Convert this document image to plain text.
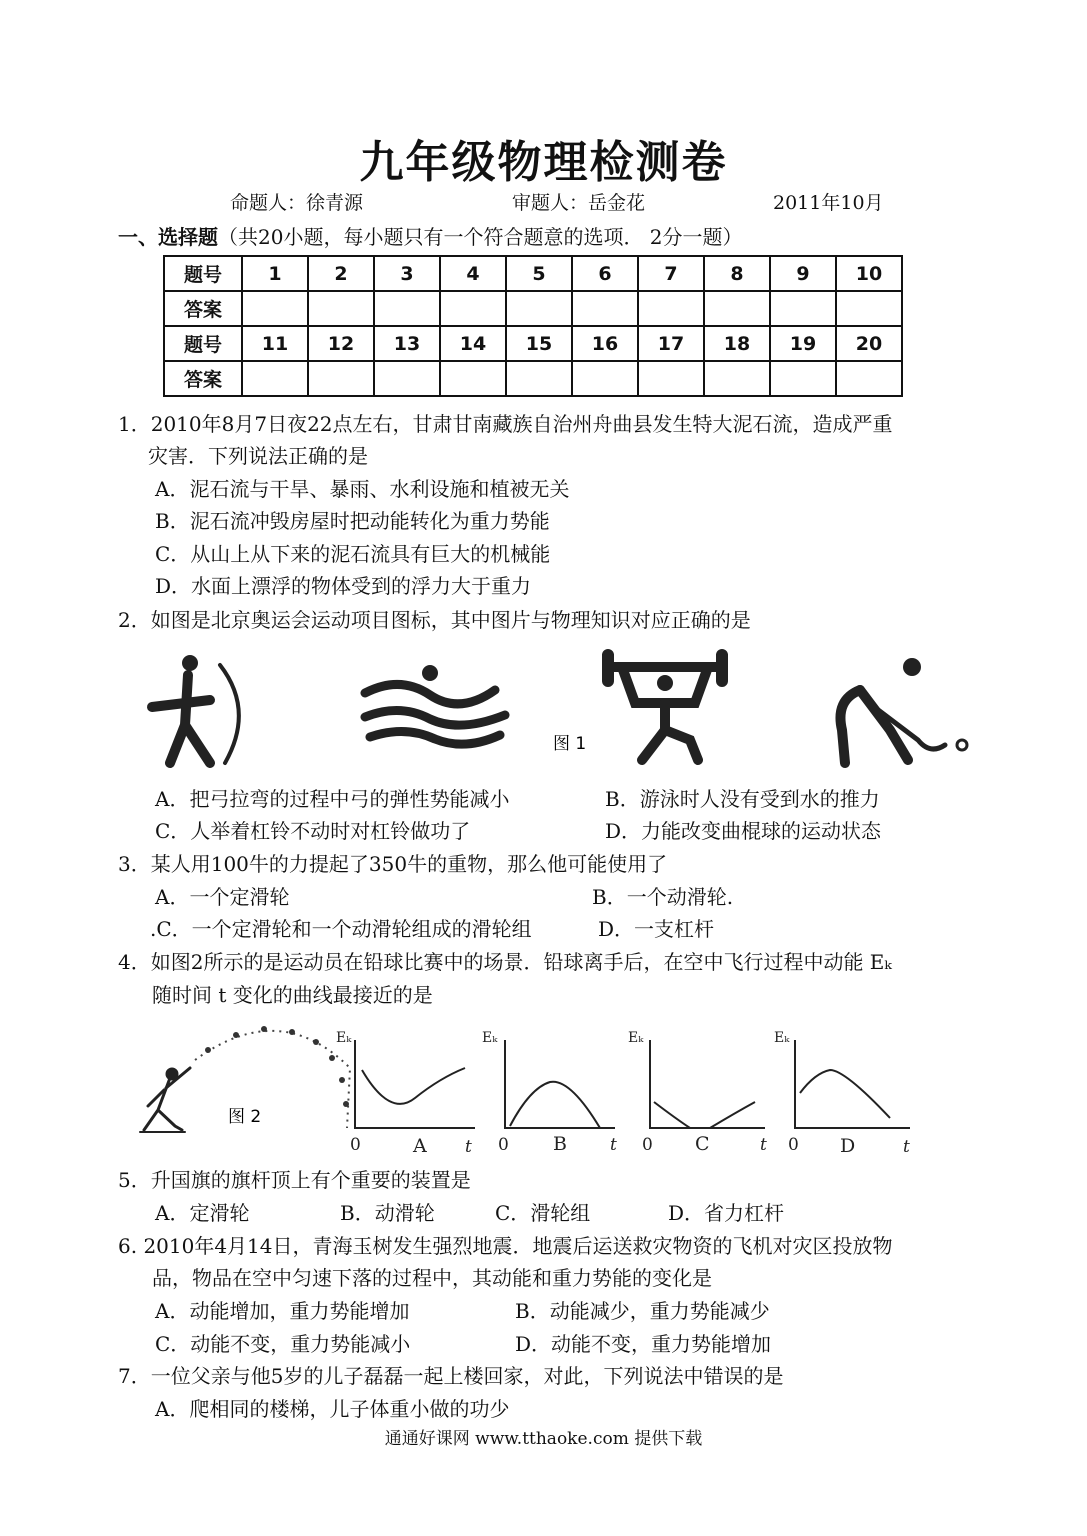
九年级物理检测卷
命题人：徐青源	审题人：岳金花	2011年10月
一、选择题（共20小题，每小题只有一个符合题意的选项． 2分一题）
题号	1	2	3	4	5	6	7	8	9	10
答案										
题号	11	12	13	14	15	16	17	18	19	20
答案										
1．2010年8月7日夜22点左右，甘肃甘南藏族自治州舟曲县发生特大泥石流，造成严重
灾害．下列说法正确的是
A．泥石流与干旱、暴雨、水利设施和植被无关
B．泥石流冲毁房屋时把动能转化为重力势能
C．从山上从下来的泥石流具有巨大的机械能
D．水面上漂浮的物体受到的浮力大于重力
2．如图是北京奥运会运动项目图标，其中图片与物理知识对应正确的是
图 1
A．把弓拉弯的过程中弓的弹性势能减小	B．游泳时人没有受到水的推力
C．人举着杠铃不动时对杠铃做功了	D．力能改变曲棍球的运动状态
3．某人用100牛的力提起了350牛的重物，那么他可能使用了
A．一个定滑轮	B．一个动滑轮.
.C．一个定滑轮和一个动滑轮组成的滑轮组	D．一支杠杆
4．如图2所示的是运动员在铅球比赛中的场景．铅球离手后，在空中飞行过程中动能 Eₖ
随时间 t 变化的曲线最接近的是
图 2
Eₖ	Eₖ	Eₖ	Eₖ
0	0	0	0
A	B	C	D
t	t	t	t
5．升国旗的旗杆顶上有个重要的装置是
A．定滑轮	B．动滑轮	C．滑轮组	D．省力杠杆
6. 2010年4月14日，青海玉树发生强烈地震．地震后运送救灾物资的飞机对灾区投放物
品，物品在空中匀速下落的过程中，其动能和重力势能的变化是
A．动能增加，重力势能增加	B．动能减少，重力势能减少
C．动能不变，重力势能减小	D．动能不变，重力势能增加
7．一位父亲与他5岁的儿子磊磊一起上楼回家，对此，下列说法中错误的是
A．爬相同的楼梯，儿子体重小做的功少
通通好课网 www.tthaoke.com 提供下载
